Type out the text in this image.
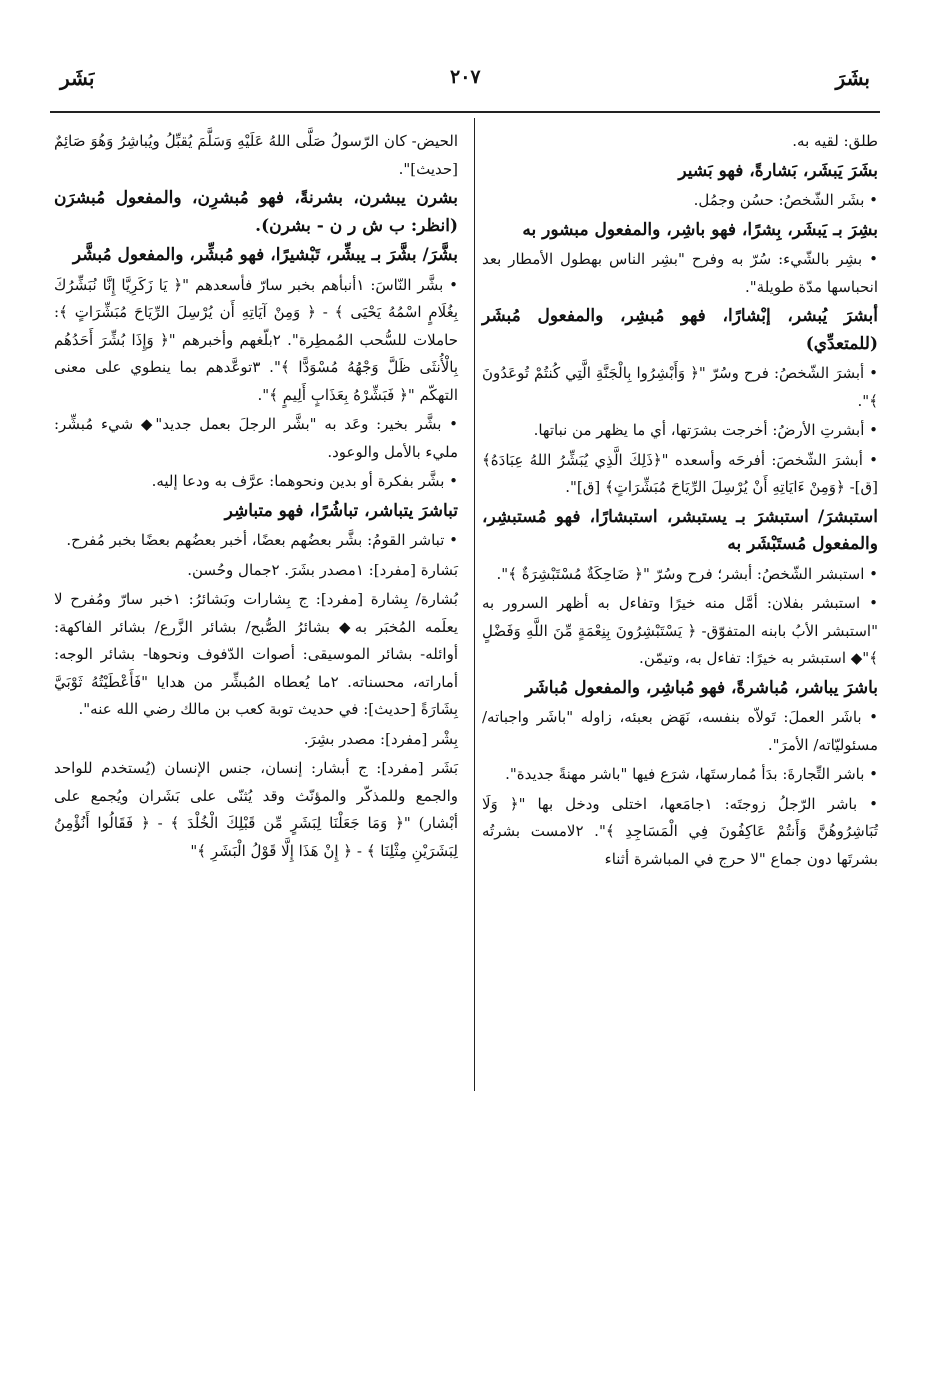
بشَرَ
٢٠٧
بَشَر

طلق: لقيه به.

بشَرَ يَبشَر، بَشارةً، فهو بَشير

• بشَر الشّخصُ: حسُن وجمُل.

بشِرَ بـ يَبشَر، بِشرًا، فهو باشِر، والمفعول مبشور به

• بشِر بالشّيء: سُرّ به وفرح "بشِر الناس بهطول الأمطار بعد انحباسها مدّة طويلة".

أبشرَ يُبشر، إبْشارًا، فهو مُبشِر، والمفعول مُبشَر (للمتعدِّي)

• أبشرَ الشّخصُ: فرح وسُرّ "﴿ وَأَبْشِرُوا بِالْجَنَّةِ الَّتِي كُنتُمْ تُوعَدُونَ ﴾".

• أبشرتِ الأرضُ: أخرجت بشرَتها، أي ما يظهر من نباتها.

• أبشرَ الشّخصَ: أفرحَه وأسعده "﴿ذَلِكَ الَّذِي يُبَشِّرُ اللهُ عِبَادَهُ﴾ [ق]- ﴿وَمِنْ ءَايَاتِهِ أَنْ يُرْسِلَ الرِّيَاحَ مُبَشِّرَاتٍ﴾ [ق]".

استبشرَ/ استبشرَ بـ يستبشر، استبشارًا، فهو مُستبشِر، والمفعول مُستَبْشَر به

• استبشر الشّخصُ: أبشر؛ فرح وسُرّ "﴿ ضَاحِكَةٌ مُسْتَبْشِرَةٌ ﴾".

• استبشر بفلان: أمَّل منه خيرًا وتفاءل به أظهر السرور به "استبشر الأبُ بابنه المتفوّق- ﴿ يَسْتَبْشِرُونَ بِنِعْمَةٍ مِّنَ اللَّهِ وَفَضْلٍ ﴾"◆ استبشر به خيرًا: تفاءل به، وتيمّن.

باشرَ يباشر، مُباشرةً، فهو مُباشِر، والمفعول مُباشَر

• باشَر العملَ: تَولاّه بنفسه، نَهَض بعبئه، زاوله "باشَر واجباته/ مسئوليّاته/ الأمرَ".

• باشر التِّجارةَ: بدَأ مُمارستَها، شرَع فيها "باشر مهنةً جديدة".

• باشر الرّجلُ زوجتَه: ١جامَعها، اختلى ودخل بها "﴿ وَلَا تُبَاشِرُوهُنَّ وَأَنتُمْ عَاكِفُونَ فِي الْمَسَاجِدِ ﴾". ٢لامست بشرتُه بشرتَها دون جماع "لا حرج في المباشرة أثناء

الحيض- كان الرّسولُ صَلَّى اللهُ عَلَيْهِ وَسَلَّمَ يُقبِّلُ ويُباشِرُ وَهُوَ صَائِمٌ [حديث]".

بشرن يبشرن، بشرنةً، فهو مُبشرِن، والمفعول مُبشرَن (انظر: ب ش ر ن - بشرن).

بشَّرَ/ بشَّرَ بـ يبشِّر، تَبْشيرًا، فهو مُبشِّر، والمفعول مُبشَّر

• بشَّر النّاسَ: ١أنبأهم بخبر سارّ فأسعدهم "﴿ يَا زَكَرِيَّا إِنَّا نُبَشِّرُكَ بِغُلَامٍ اسْمُهُ يَحْيَى ﴾ - ﴿ وَمِنْ آيَاتِهِ أَن يُرْسِلَ الرِّيَاحَ مُبَشِّرَاتٍ ﴾: حاملات للسُّحب المُمطِرة". ٢بلّغهم وأخبرهم "﴿ وَإِذَا بُشِّرَ أَحَدُهُم بِالْأُنثَى ظَلَّ وَجْهُهُ مُسْوَدًّا ﴾". ٣توعَّدهم بما ينطوي على معنى التهكّم "﴿ فَبَشِّرْهُ بِعَذَابٍ أَلِيمٍ ﴾".

• بشَّر بخير: وعَد به "بشَّر الرجلَ بعمل جديد"◆ شيء مُبشِّر: مليء بالأمل والوعود.

• بشَّر بفكرة أو بدين ونحوهما: عرَّف به ودعا إليه.

تباشرَ يتباشر، تباشُرًا، فهو متباشِر

• تباشر القومُ: بشَّر بعضُهم بعضًا، أخبر بعضُهم بعضًا بخبر مُفرح.

بَشارة [مفرد]: ١مصدر بشَرَ. ٢جمال وحُسن.

بُشارة/ بِشارة [مفرد]: ج بِشارات وبَشائرُ: ١خبر سارّ ومُفرح لا يعلَمه المُخبَر به◆ بشائرُ الصُّبح/ بشائر الزَّرع/ بشائر الفاكهة: أوائله- بشائر الموسيقى: أصوات الدّفوف ونحوها- بشائر الوجه: أماراته، محسناته. ٢ما يُعطاه المُبشِّر من هدايا "فَأَعْطَيْتُهُ ثَوْبَيَّ بِشَارَةً [حديث]: في حديث توبة كعب بن مالك رضي الله عنه".

بِشْر [مفرد]: مصدر بشِرَ.

بَشَر [مفرد]: ج أبشار: إنسان، جنس الإنسان (يُستخدم للواحد والجمع وللمذكّر والمؤنّث وقد يُثنّى على بَشَران ويُجمع على أبْشار) "﴿ وَمَا جَعَلْنَا لِبَشَرٍ مِّن قَبْلِكَ الْخُلْدَ ﴾ - ﴿ فَقَالُوا أَنُؤْمِنُ لِبَشَرَيْنِ مِثْلِنَا ﴾ - ﴿ إِنْ هَذَا إِلَّا قَوْلُ الْبَشَرِ ﴾"
